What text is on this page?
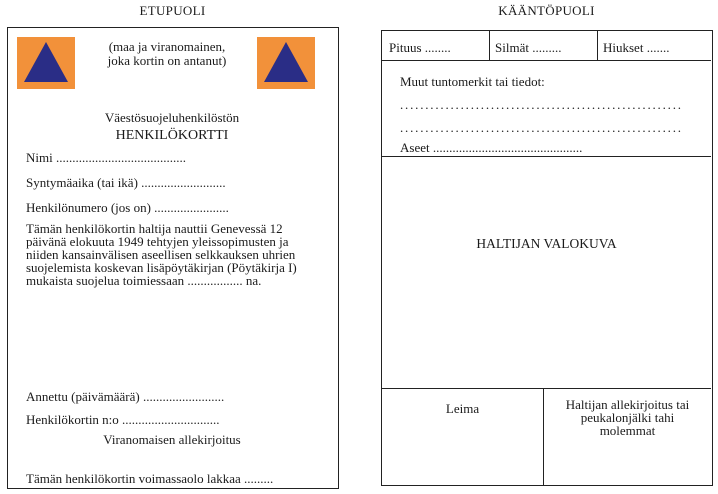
ETUPUOLI
(maa ja viranomainen,
joka kortin on antanut)
Väestösuojeluhenkilöstön
HENKILÖKORTTI
Nimi ........................................
Syntymäaika (tai ikä) ..........................
Henkilönumero (jos on) .......................
Tämän henkilökortin haltija nauttii Genevessä 12
päivänä elokuuta 1949 tehtyjen yleissopimusten ja
niiden kansainvälisen aseellisen selkkauksen uhrien
suojelemista koskevan lisäpöytäkirjan (Pöytäkirja I)
mukaista suojelua toimiessaan ................. na.
Annettu (päivämäärä) .........................
Henkilökortin n:o ..............................
Viranomaisen allekirjoitus
Tämän henkilökortin voimassaolo lakkaa .........
KÄÄNTÖPUOLI
Pituus ........	Silmät .........	Hiukset .......
Muut tuntomerkit tai tiedot:
........................................................
........................................................
Aseet ..............................................
HALTIJAN VALOKUVA
Leima	Haltijan allekirjoitus tai
peukalonjälki tahi
molemmat
